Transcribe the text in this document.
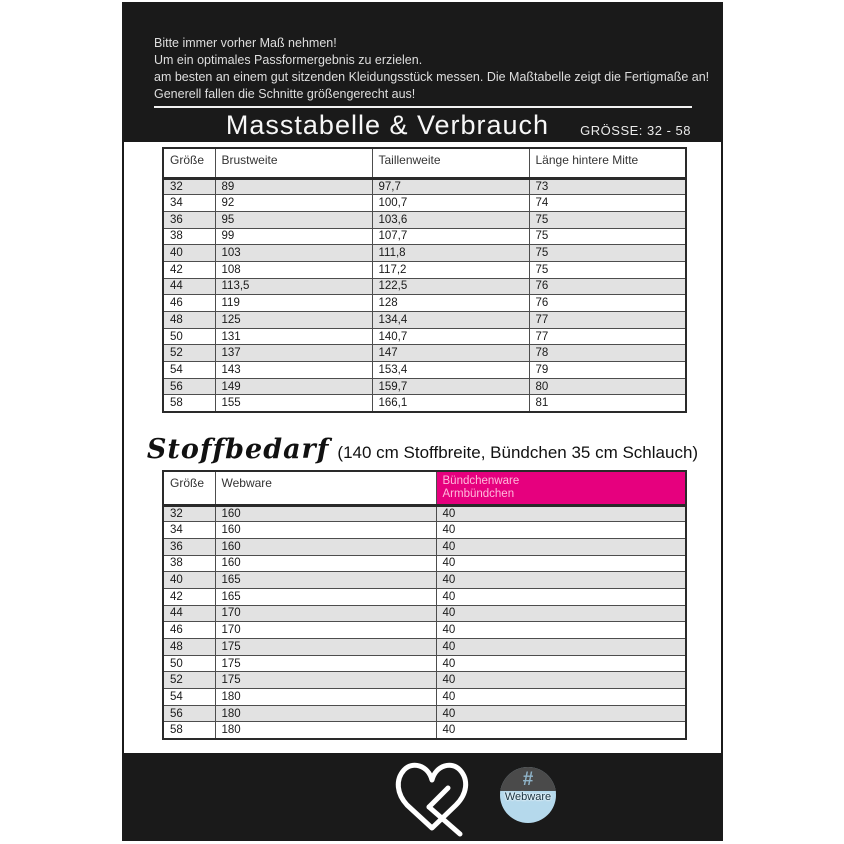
Bitte immer vorher Maß nehmen!
Um ein optimales Passformergebnis zu erzielen.
am besten an einem gut sitzenden Kleidungsstück messen. Die Maßtabelle zeigt die Fertigmaße an!
Generell fallen die Schnitte größengerecht aus!
Masstabelle & Verbrauch	GRÖSSE: 32 - 58
Größe	Brustweite	Taillenweite	Länge hintere Mitte
32	89	97,7	73
34	92	100,7	74
36	95	103,6	75
38	99	107,7	75
40	103	111,8	75
42	108	117,2	75
44	113,5	122,5	76
46	119	128	76
48	125	134,4	77
50	131	140,7	77
52	137	147	78
54	143	153,4	79
56	149	159,7	80
58	155	166,1	81
Stoffbedarf (140 cm Stoffbreite, Bündchen 35 cm Schlauch)
Größe	Webware	Bündchenware
Armbündchen

32	160	40
34	160	40
36	160	40
38	160	40
40	165	40
42	165	40
44	170	40
46	170	40
48	175	40
50	175	40
52	175	40
54	180	40
56	180	40
58	180	40
#
Webware
